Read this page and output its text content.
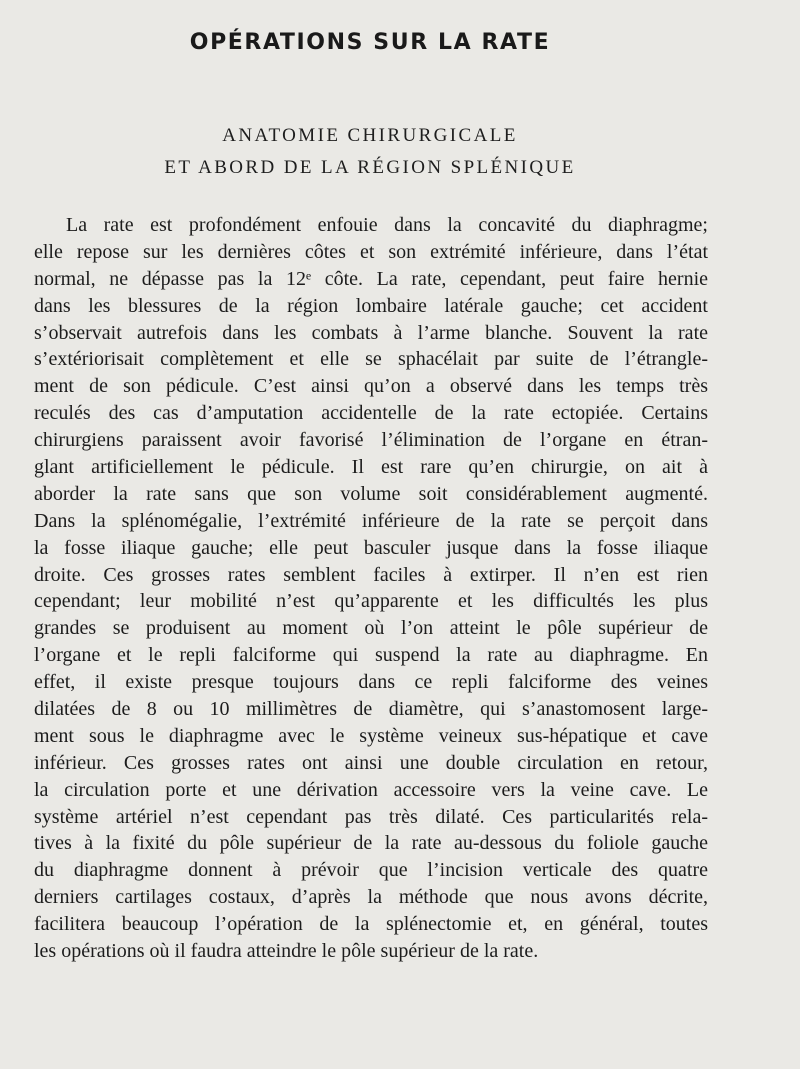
OPÉRATIONS SUR LA RATE
ANATOMIE CHIRURGICALE
ET ABORD DE LA RÉGION SPLÉNIQUE
La rate est profondément enfouie dans la concavité du diaphragme;
elle repose sur les dernières côtes et son extrémité inférieure, dans l’état
normal, ne dépasse pas la 12ᵉ côte. La rate, cependant, peut faire hernie
dans les blessures de la région lombaire latérale gauche; cet accident
s’observait autrefois dans les combats à l’arme blanche. Souvent la rate
s’extériorisait complètement et elle se sphacélait par suite de l’étrangle-
ment de son pédicule. C’est ainsi qu’on a observé dans les temps très
reculés des cas d’amputation accidentelle de la rate ectopiée. Certains
chirurgiens paraissent avoir favorisé l’élimination de l’organe en étran-
glant artificiellement le pédicule. Il est rare qu’en chirurgie, on ait à
aborder la rate sans que son volume soit considérablement augmenté.
Dans la splénomégalie, l’extrémité inférieure de la rate se perçoit dans
la fosse iliaque gauche; elle peut basculer jusque dans la fosse iliaque
droite. Ces grosses rates semblent faciles à extirper. Il n’en est rien
cependant; leur mobilité n’est qu’apparente et les difficultés les plus
grandes se produisent au moment où l’on atteint le pôle supérieur de
l’organe et le repli falciforme qui suspend la rate au diaphragme. En
effet, il existe presque toujours dans ce repli falciforme des veines
dilatées de 8 ou 10 millimètres de diamètre, qui s’anastomosent large-
ment sous le diaphragme avec le système veineux sus-hépatique et cave
inférieur. Ces grosses rates ont ainsi une double circulation en retour,
la circulation porte et une dérivation accessoire vers la veine cave. Le
système artériel n’est cependant pas très dilaté. Ces particularités rela-
tives à la fixité du pôle supérieur de la rate au-dessous du foliole gauche
du diaphragme donnent à prévoir que l’incision verticale des quatre
derniers cartilages costaux, d’après la méthode que nous avons décrite,
facilitera beaucoup l’opération de la splénectomie et, en général, toutes
les opérations où il faudra atteindre le pôle supérieur de la rate.
